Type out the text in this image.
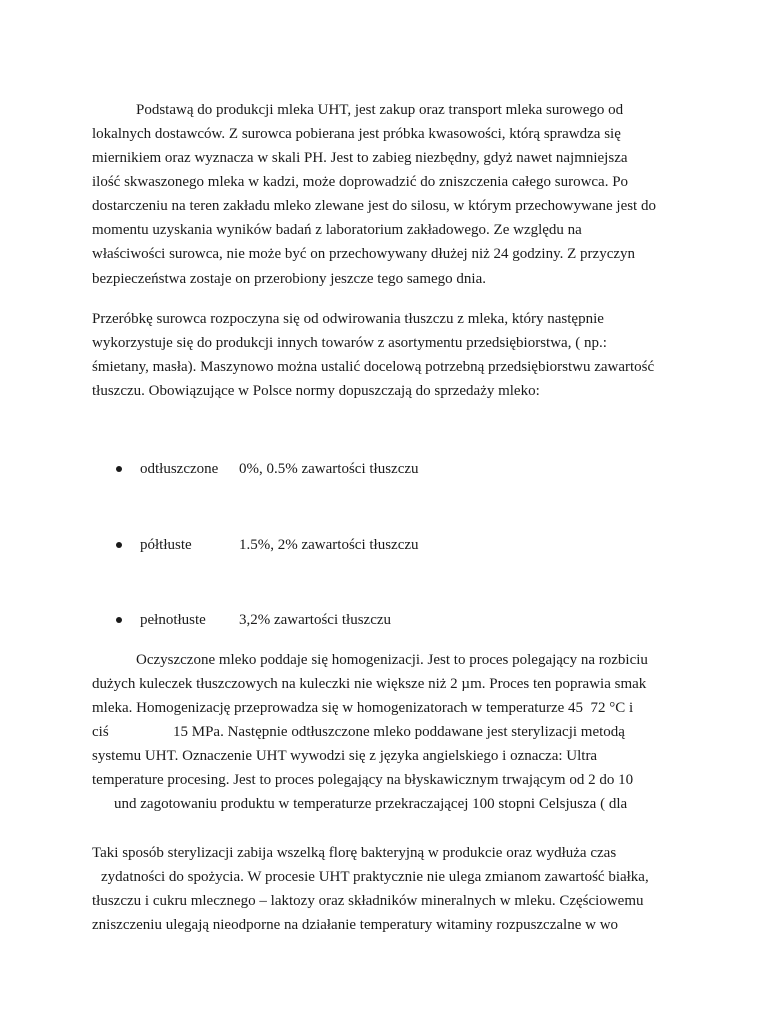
Podstawą do produkcji mleka UHT, jest zakup oraz transport mleka surowego od
lokalnych dostawców. Z surowca pobierana jest próbka kwasowości, którą sprawdza się
miernikiem oraz wyznacza w skali PH. Jest to zabieg niezbędny, gdyż nawet najmniejsza
ilość skwaszonego mleka w kadzi, może doprowadzić do zniszczenia całego surowca. Po
dostarczeniu na teren zakładu mleko zlewane jest do silosu, w którym przechowywane jest do
momentu uzyskania wyników badań z laboratorium zakładowego. Ze względu na
właściwości surowca, nie może być on przechowywany dłużej niż 24 godziny. Z przyczyn
bezpieczeństwa zostaje on przerobiony jeszcze tego samego dnia.
Przeróbkę surowca rozpoczyna się od odwirowania tłuszczu z mleka, który następnie
wykorzystuje się do produkcji innych towarów z asortymentu przedsiębiorstwa, ( np.:
śmietany, masła). Maszynowo można ustalić docelową potrzebną przedsiębiorstwu zawartość
tłuszczu. Obowiązujące w Polsce normy dopuszczają do sprzedaży mleko:
odtłuszczone 0%, 0.5% zawartości tłuszczu
półtłuste	1.5%, 2% zawartości tłuszczu
pełnotłuste 3,2% zawartości tłuszczu
Oczyszczone mleko poddaje się homogenizacji. Jest to proces polegający na rozbiciu
dużych kuleczek tłuszczowych na kuleczki nie większe niż 2 µm. Proces ten poprawia smak
mleka. Homogenizację przeprowadza się w homogenizatorach w temperaturze 45  72 °C i
ciś	15 MPa. Następnie odtłuszczone mleko poddawane jest sterylizacji metodą
systemu UHT. Oznaczenie UHT wywodzi się z języka angielskiego i oznacza: Ultra
temperature procesing. Jest to proces polegający na błyskawicznym trwającym od 2 do 10
und zagotowaniu produktu w temperaturze przekraczającej 100 stopni Celsjusza ( dla
Taki sposób sterylizacji zabija wszelką florę bakteryjną w produkcie oraz wydłuża czas
zydatności do spożycia. W procesie UHT praktycznie nie ulega zmianom zawartość białka,
tłuszczu i cukru mlecznego – laktozy oraz składników mineralnych w mleku. Częściowemu
zniszczeniu ulegają nieodporne na działanie temperatury witaminy rozpuszczalne w wo
